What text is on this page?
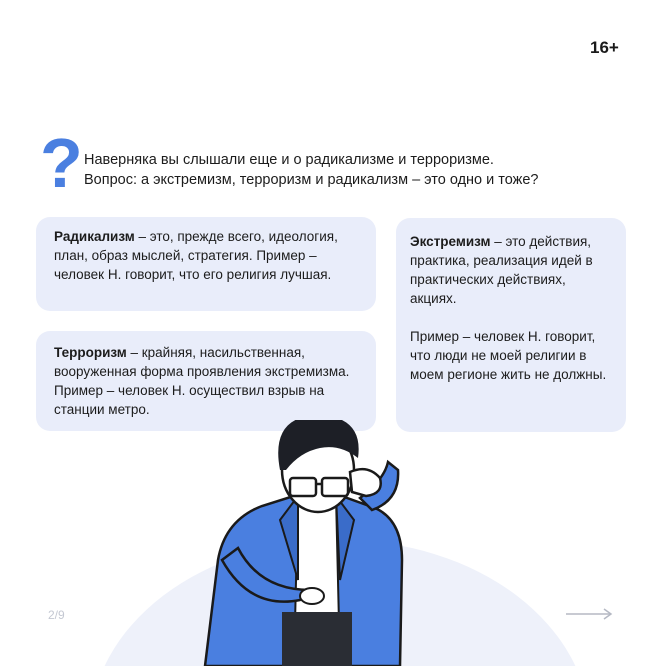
16+
? Наверняка вы слышали еще и о радикализме и терроризме.
Вопрос: а экстремизм, терроризм и радикализм – это одно и тоже?
Радикализм – это, прежде всего, идеология, план, образ мыслей, стратегия. Пример – человек Н. говорит, что его религия лучшая.
Терроризм – крайняя, насильственная, вооруженная форма проявления экстремизма. Пример – человек Н. осуществил взрыв на станции метро.
Экстремизм – это действия, практика, реализация идей в практических действиях, акциях.
Пример – человек Н. говорит, что люди не моей религии в моем регионе жить не должны.
2/9
